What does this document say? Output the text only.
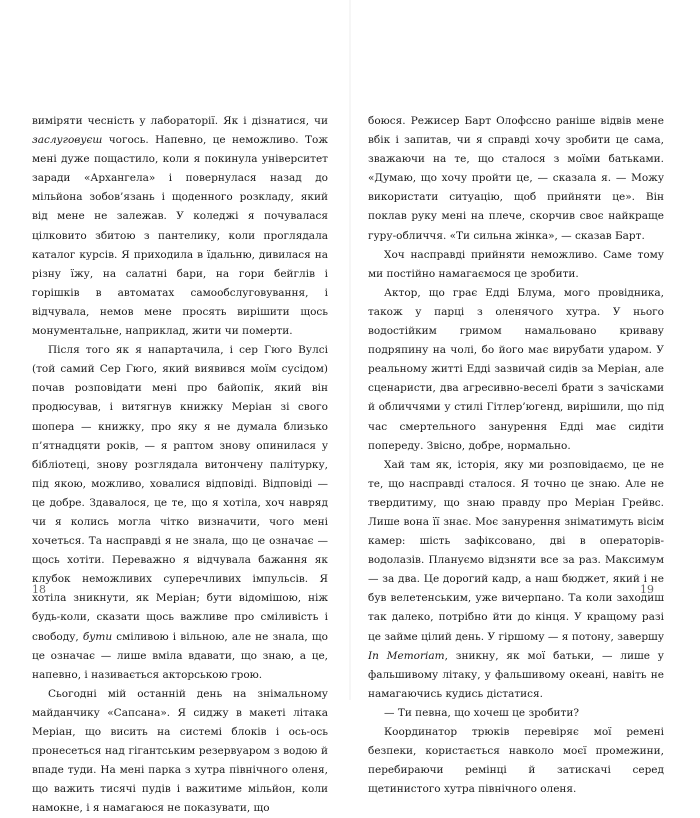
виміряти чесність у лабораторії. Як і дізнатися, чи заслуговуєш чогось. Напевно, це неможливо. Тож мені дуже пощастило, коли я покинула університет заради «Архангела» і повернулася назад до мільйона зобов’язань і щоденного розкладу, який від мене не залежав. У коледжі я почувалася цілковито збитою з пантелику, коли проглядала каталог курсів. Я приходила в їдальню, дивилася на різну їжу, на салатні бари, на гори бейглів і горішків в автоматах самообслуговування, і відчувала, немов мене просять вирішити щось монументальне, наприклад, жити чи померти.

Після того як я напартачила, і сер Гюго Вулсі (той самий Сер Гюго, який виявився моїм сусідом) почав розповідати мені про байопік, який він продюсував, і витягнув книжку Меріан зі свого шопера — книжку, про яку я не думала близько п’ятнадцяти років, — я раптом знову опинилася у бібліотеці, знову розглядала витончену палітурку, під якою, можливо, ховалися відповіді. Відповіді — це добре. Здавалося, це те, що я хотіла, хоч навряд чи я колись могла чітко визначити, чого мені хочеться. Та насправді я не знала, що це означає — щось хотіти. Переважно я відчувала бажання як клубок неможливих суперечливих імпульсів. Я хотіла зникнути, як Меріан; бути відомішою, ніж будь-коли, сказати щось важливе про сміливість і свободу, бути сміливою і вільною, але не знала, що це означає — лише вміла вдавати, що знаю, а це, напевно, і називається акторською грою.

Сьогодні мій останній день на знімальному майданчику «Сапсана». Я сиджу в макеті літака Меріан, що висить на системі блоків і ось-ось пронесеться над гігантським резервуаром з водою й впаде туди. На мені парка з хутра північного оленя, що важить тисячі пудів і важитиме мільйон, коли намокне, і я намагаюся не показувати, що

боюся. Режисер Барт Олофссно раніше відвів мене вбік і запитав, чи я справді хочу зробити це сама, зважаючи на те, що сталося з моїми батьками. «Думаю, що хочу пройти це, — сказала я. — Можу використати ситуацію, щоб прийняти це». Він поклав руку мені на плече, скорчив своє найкраще гуру-обличчя. «Ти сильна жінка», — сказав Барт.

Хоч насправді прийняти неможливо. Саме тому ми постійно намагаємося це зробити.

Актор, що грає Едді Блума, мого провідника, також у парці з оленячого хутра. У нього водостійким гримом намальовано криваву подряпину на чолі, бо його має вирубати ударом. У реальному житті Едді зазвичай сидів за Меріан, але сценаристи, два агресивно-веселі брати з зачісками й обличчями у стилі Гітлер’югенд, вирішили, що під час смертельного занурення Едді має сидіти попереду. Звісно, добре, нормально.

Хай там як, історія, яку ми розповідаємо, це не те, що насправді сталося. Я точно це знаю. Але не твердитиму, що знаю правду про Меріан Грейвс. Лише вона її знає. Моє занурення зніматимуть вісім камер: шість зафіксовано, дві в операторів-водолазів. Плануємо відзняти все за раз. Максимум — за два. Це дорогий кадр, а наш бюджет, який і не був велетенським, уже вичерпано. Та коли заходиш так далеко, потрібно йти до кінця. У кращому разі це займе цілий день. У гіршому — я потону, завершу In Memoriam, зникну, як мої батьки, — лише у фальшивому літаку, у фальшивому океані, навіть не намагаючись кудись дістатися.

— Ти певна, що хочеш це зробити?

Координатор трюків перевіряє мої ремені безпеки, користається навколо моєї промежини, перебираючи ремінці й затискачі серед щетинистого хутра північного оленя.

18	19
